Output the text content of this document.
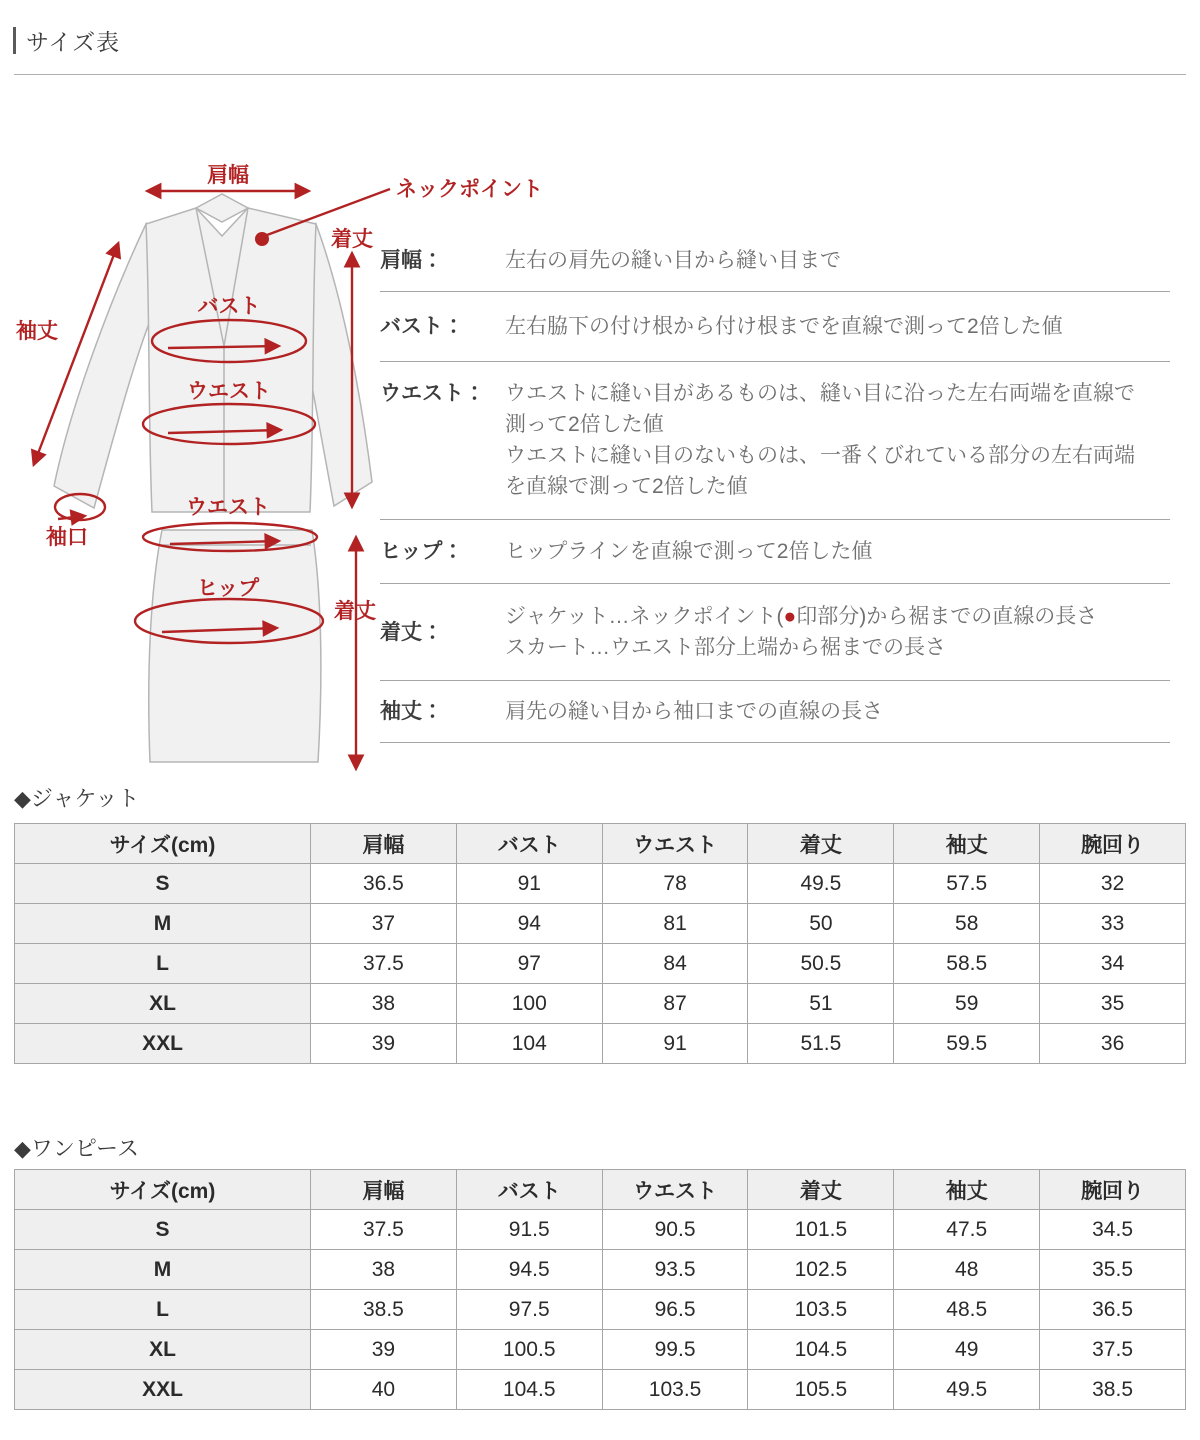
サイズ表
肩幅
ネックポイント
着丈
袖丈
バスト
ウエスト
袖口
ウエスト
ヒップ
着丈
肩幅：	左右の肩先の縫い目から縫い目まで
バスト：	左右脇下の付け根から付け根までを直線で測って2倍した値
ウエスト： ウエストに縫い目があるものは、縫い目に沿った左右両端を直線で
測って2倍した値
ウエストに縫い目のないものは、一番くびれている部分の左右両端
を直線で測って2倍した値
ヒップ：	ヒップラインを直線で測って2倍した値
着丈：
ジャケット…ネックポイント(●印部分)から裾までの直線の長さ
スカート…ウエスト部分上端から裾までの長さ
袖丈：	肩先の縫い目から袖口までの直線の長さ
◆ジャケット
サイズ(cm)	肩幅	バスト	ウエスト	着丈	袖丈	腕回り
S	36.5	91	78	49.5	57.5	32
M	37	94	81	50	58	33
L	37.5	97	84	50.5	58.5	34
XL	38	100	87	51	59	35
XXL	39	104	91	51.5	59.5	36
◆ワンピース
サイズ(cm)	肩幅	バスト	ウエスト	着丈	袖丈	腕回り
S	37.5	91.5	90.5	101.5	47.5	34.5
M	38	94.5	93.5	102.5	48	35.5
L	38.5	97.5	96.5	103.5	48.5	36.5
XL	39	100.5	99.5	104.5	49	37.5
XXL	40	104.5	103.5	105.5	49.5	38.5
